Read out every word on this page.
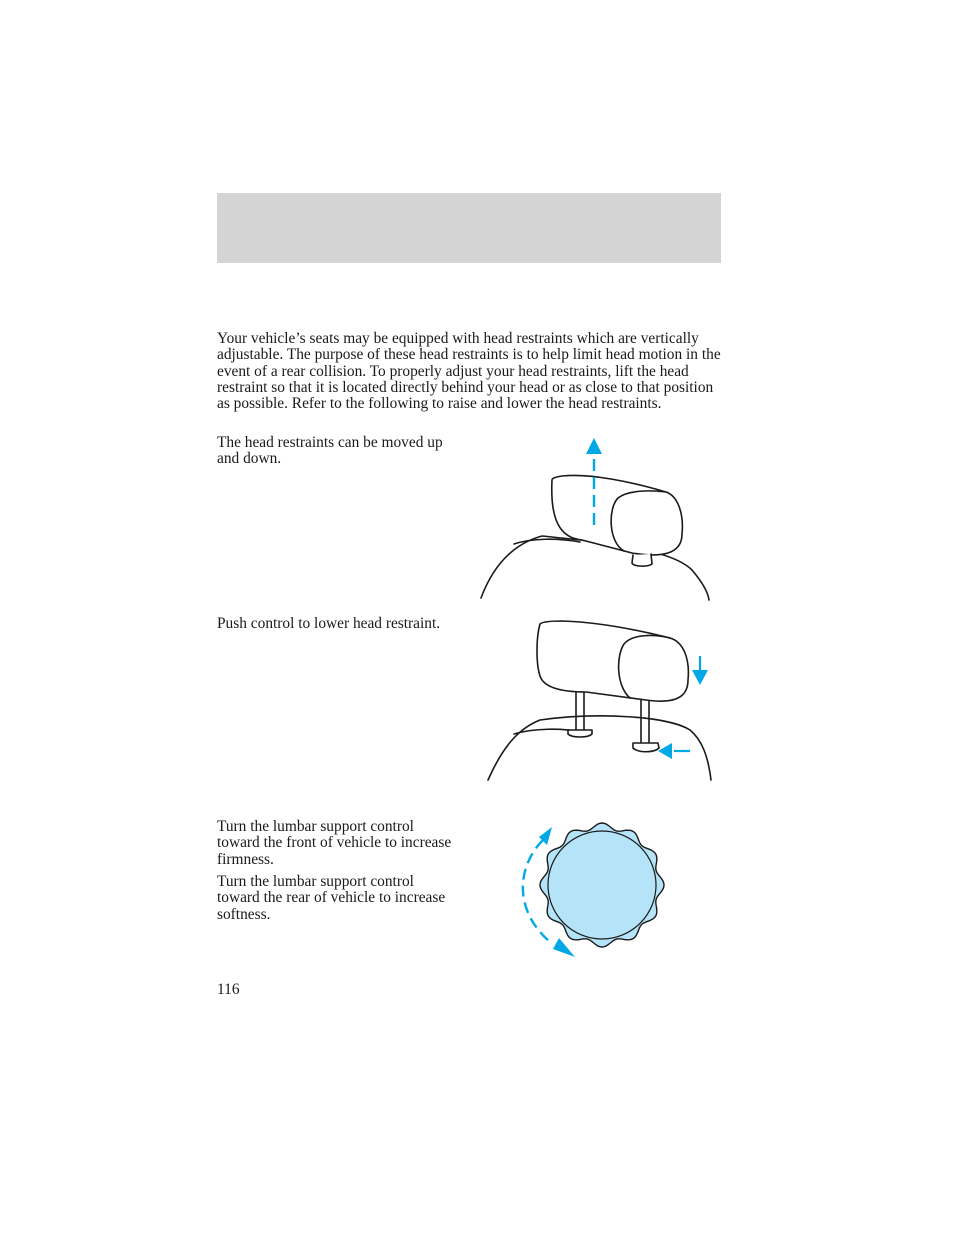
Your vehicle’s seats may be equipped with head restraints which are vertically adjustable. The purpose of these head restraints is to help limit head motion in the event of a rear collision. To properly adjust your head restraints, lift the head restraint so that it is located directly behind your head or as close to that position as possible. Refer to the following to raise and lower the head restraints.

The head restraints can be moved up and down.

Push control to lower head restraint.

Turn the lumbar support control toward the front of vehicle to increase firmness.

Turn the lumbar support control toward the rear of vehicle to increase softness.

116
